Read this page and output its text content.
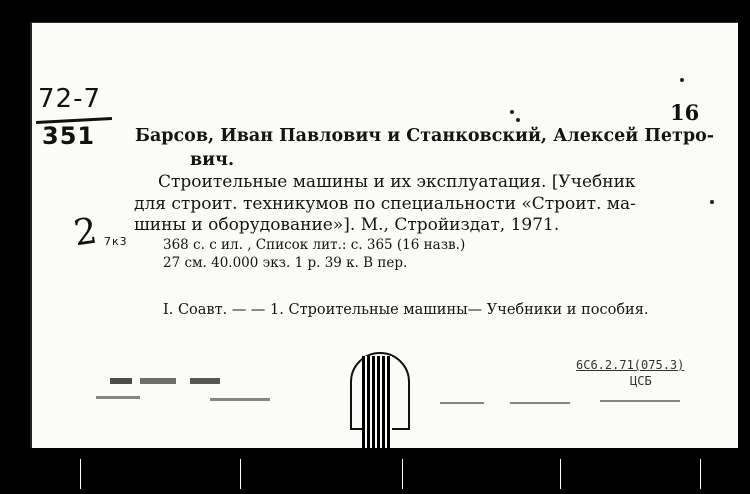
72-7
351
2 7к3
16
Барсов, Иван Павлович и Станковский, Алексей Петро-
вич.
Строительные машины и их эксплуатация. [Учебник
для строит. техникумов по специальности «Строит. ма-
шины и оборудование»]. М., Стройиздат, 1971.
368 с. с ил. , Список лит.: с. 365 (16 назв.)
27 см. 40.000 экз. 1 р. 39 к. В пер.
I. Соавт. — — 1. Строительные машины— Учебники и пособия.
6С6.2.71(075.3)
ЦСБ
